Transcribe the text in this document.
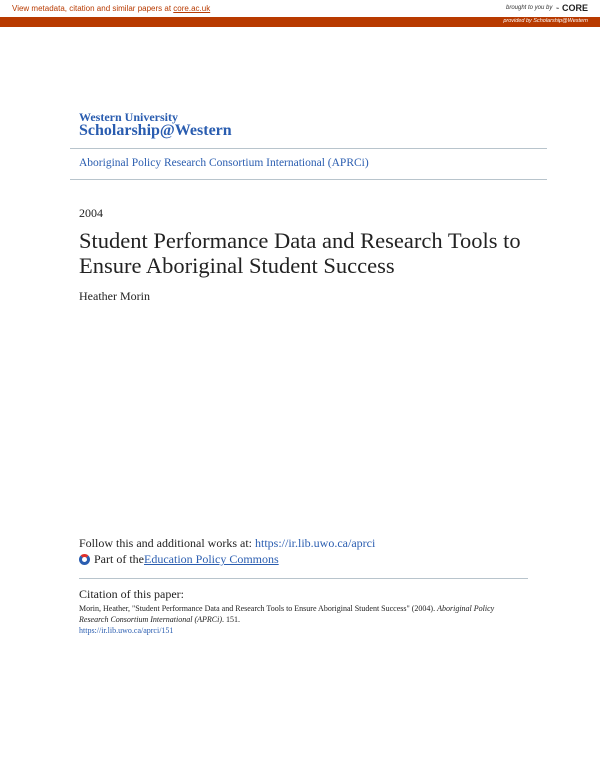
View metadata, citation and similar papers at core.ac.uk	brought to you by ⌁ CORE
provided by Scholarship@Western
Western University
Scholarship@Western
Aboriginal Policy Research Consortium International (APRCi)
2004
Student Performance Data and Research Tools to
Ensure Aboriginal Student Success
Heather Morin
Follow this and additional works at: https://ir.lib.uwo.ca/aprci
Part of the Education Policy Commons
Citation of this paper:
Morin, Heather, "Student Performance Data and Research Tools to Ensure Aboriginal Student Success" (2004). Aboriginal Policy Research Consortium International (APRCi). 151.
https://ir.lib.uwo.ca/aprci/151
